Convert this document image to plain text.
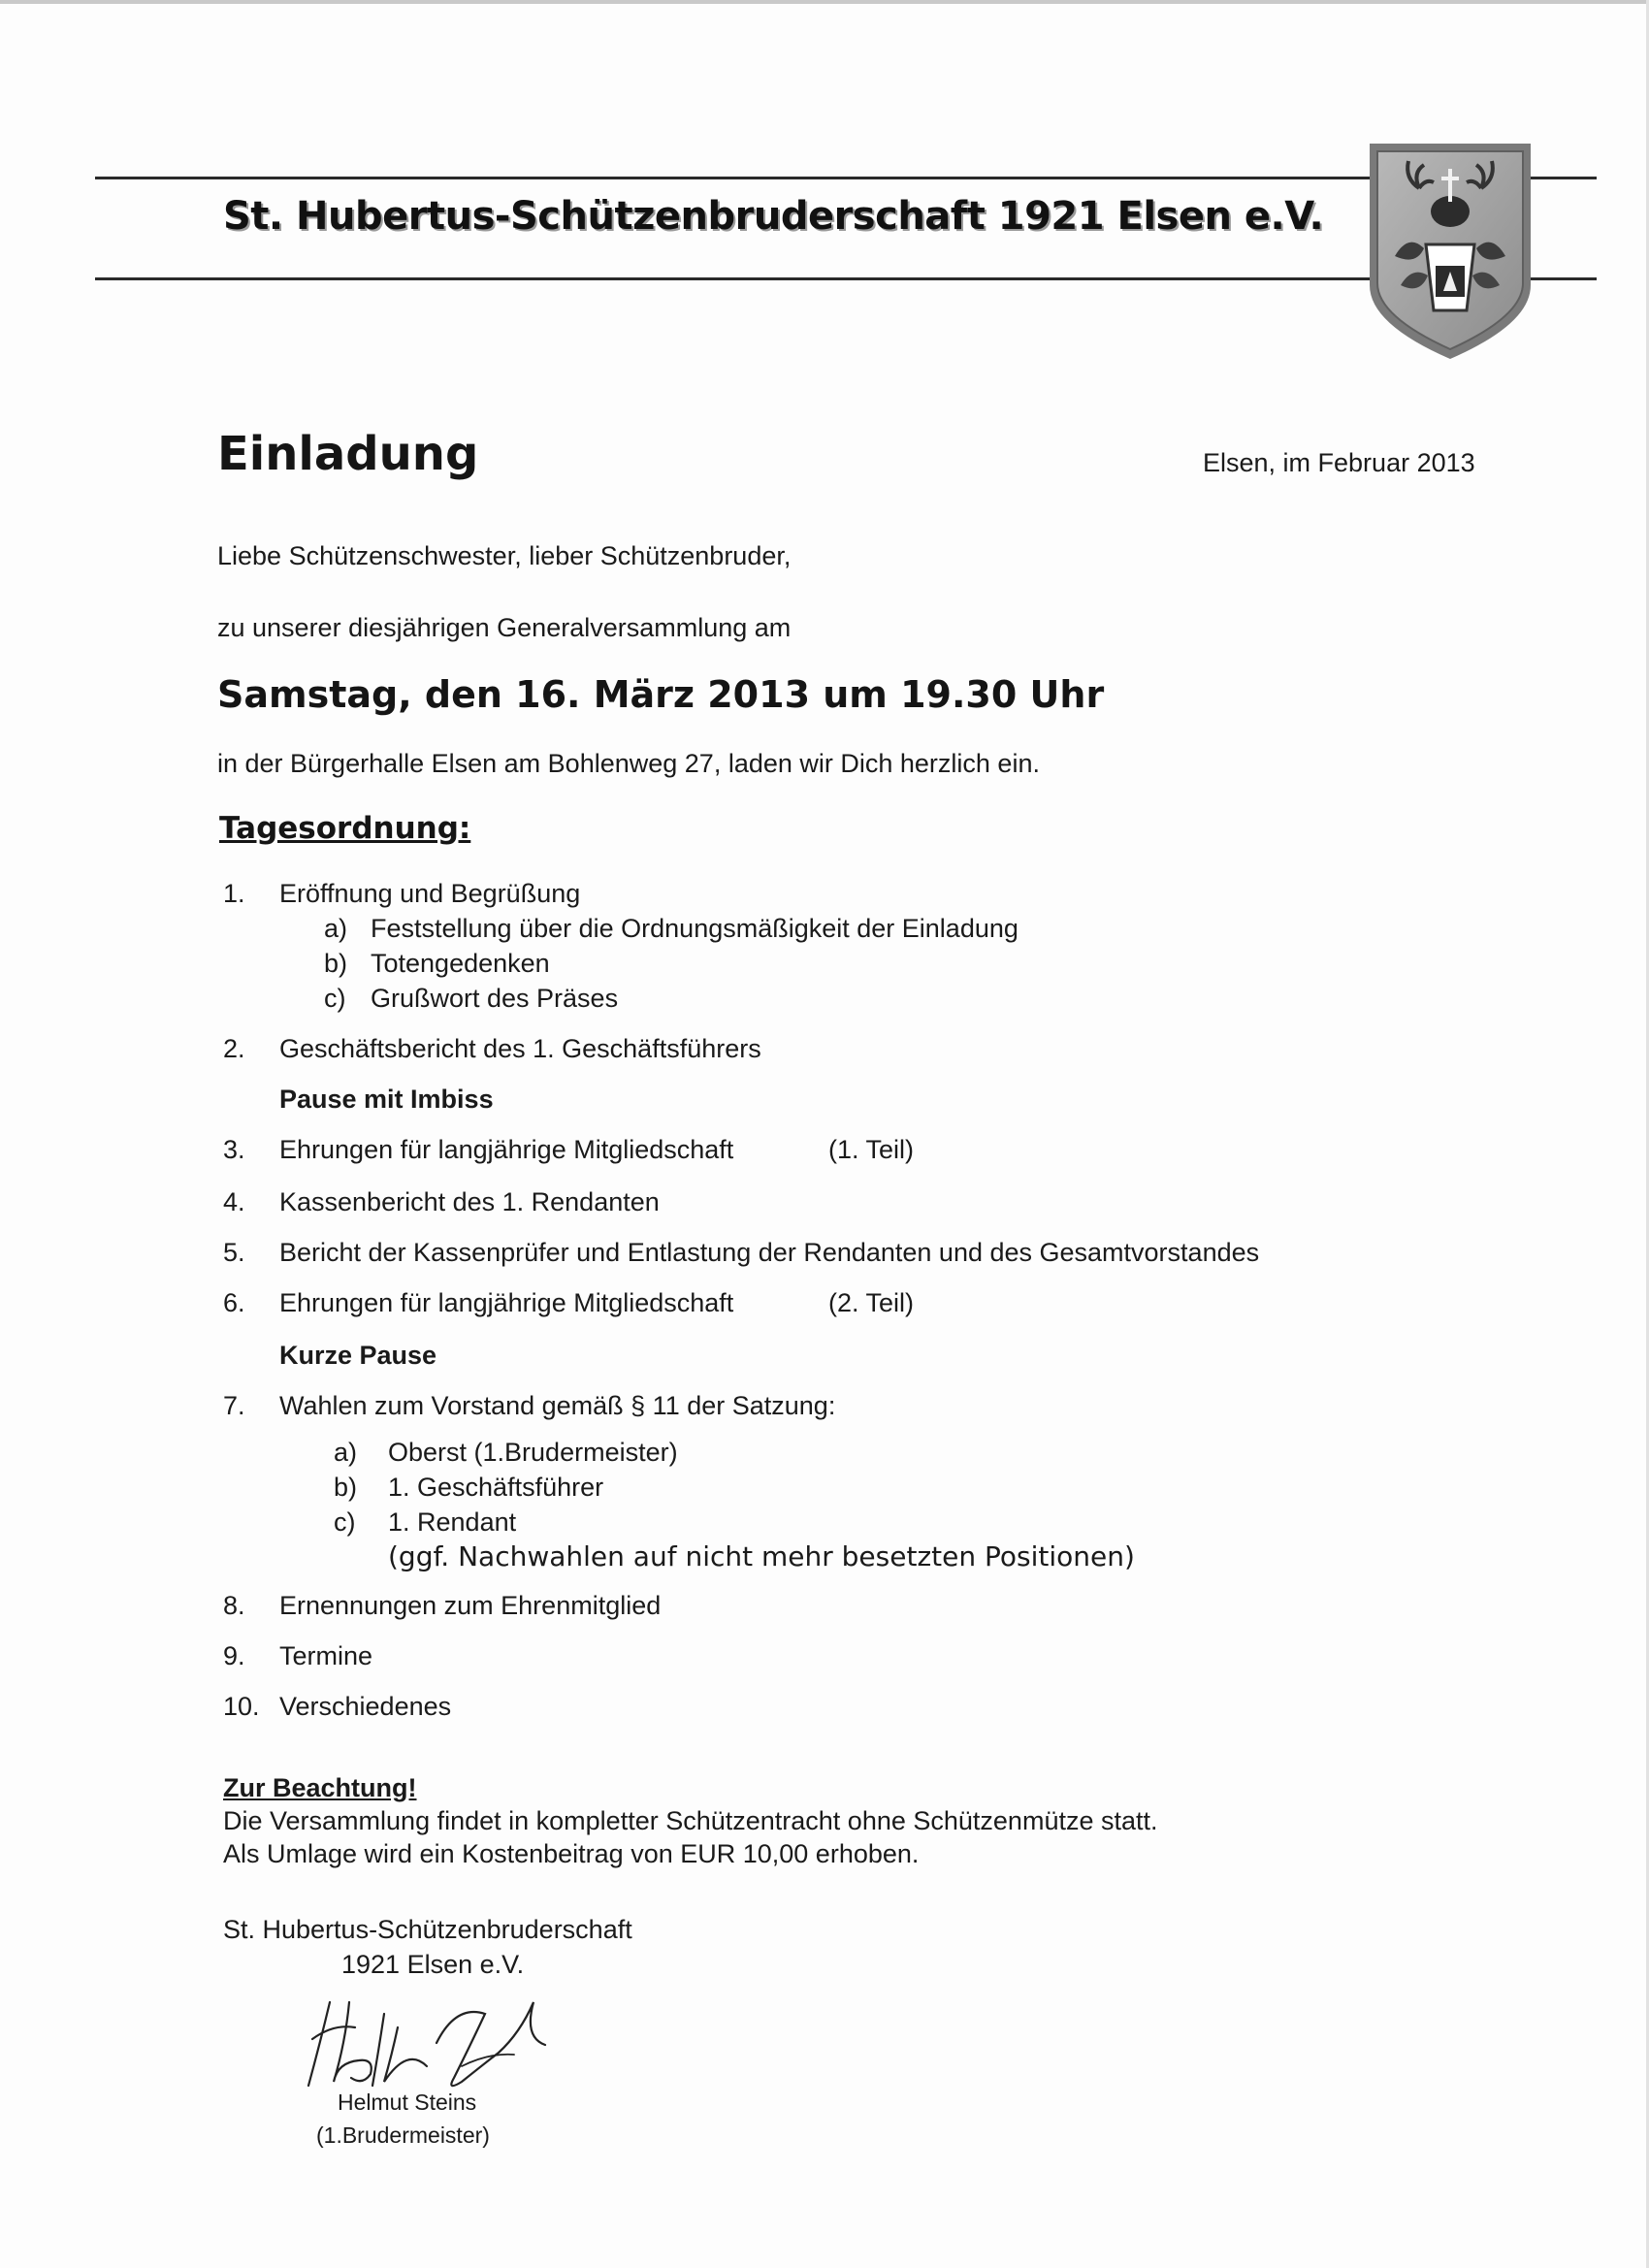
St. Hubertus-Schützenbruderschaft 1921 Elsen e.V.
Einladung	Elsen, im Februar 2013
Liebe Schützenschwester, lieber Schützenbruder,
zu unserer diesjährigen Generalversammlung am
Samstag, den 16. März 2013 um 19.30 Uhr
in der Bürgerhalle Elsen am Bohlenweg 27, laden wir Dich herzlich ein.
Tagesordnung:
1. Eröffnung und Begrüßung
a) Feststellung über die Ordnungsmäßigkeit der Einladung
b) Totengedenken
c) Grußwort des Präses
2. Geschäftsbericht des 1. Geschäftsführers
Pause mit Imbiss
3. Ehrungen für langjährige Mitgliedschaft	(1. Teil)
4. Kassenbericht des 1. Rendanten
5. Bericht der Kassenprüfer und Entlastung der Rendanten und des Gesamtvorstandes
6. Ehrungen für langjährige Mitgliedschaft	(2. Teil)
Kurze Pause
7. Wahlen zum Vorstand gemäß § 11 der Satzung:
a) Oberst (1.Brudermeister)
b) 1. Geschäftsführer
c) 1. Rendant
(ggf. Nachwahlen auf nicht mehr besetzten Positionen)
8. Ernennungen zum Ehrenmitglied
9. Termine
10. Verschiedenes
Zur Beachtung!
Die Versammlung findet in kompletter Schützentracht ohne Schützenmütze statt.
Als Umlage wird ein Kostenbeitrag von EUR 10,00 erhoben.
St. Hubertus-Schützenbruderschaft
1921 Elsen e.V.
Helmut Steins
(1.Brudermeister)
